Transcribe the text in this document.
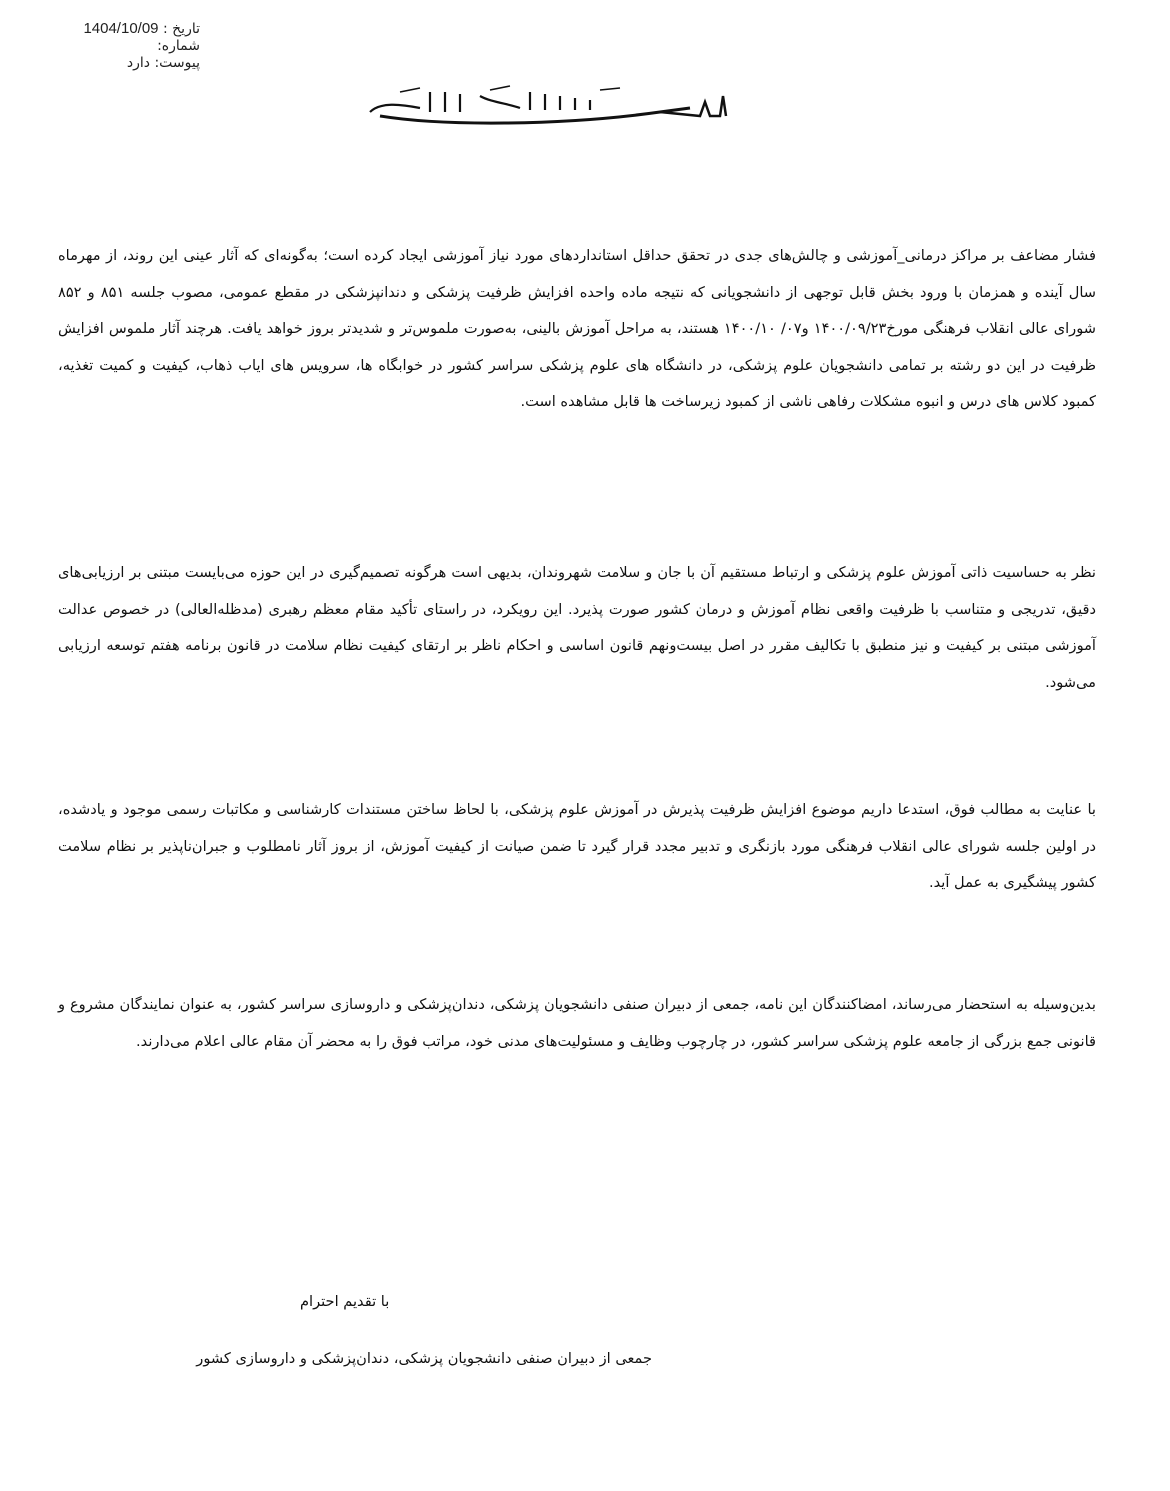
تاریخ : 1404/10/09
شماره:
پیوست: دارد
بسم الله الرحمن الرحیم
فشار مضاعف بر مراکز درمانی_آموزشی و چالش‌های جدی در تحقق حداقل استانداردهای مورد نیاز آموزشی ایجاد کرده است؛ به‌گونه‌ای که آثار عینی این روند، از مهرماه سال آینده و همزمان با ورود بخش قابل توجهی از دانشجویانی که نتیجه ماده واحده افزایش ظرفیت پزشکی و دندانپزشکی در مقطع عمومی، مصوب جلسه ۸۵۱ و ۸۵۲ شورای عالی انقلاب فرهنگی مورخ۱۴۰۰/۰۹/۲۳ و۰۷/ ۱۴۰۰/۱۰ هستند، به مراحل آموزش بالینی، به‌صورت ملموس‌تر و شدیدتر بروز خواهد یافت. هرچند آثار ملموس افزایش ظرفیت در این دو رشته بر تمامی دانشجویان علوم پزشکی، در دانشگاه های علوم پزشکی سراسر کشور در خوابگاه ها، سرویس های ایاب ذهاب، کیفیت و کمیت تغذیه، کمبود کلاس های درس و انبوه مشکلات رفاهی ناشی از کمبود زیرساخت ها قابل مشاهده است.
نظر به حساسیت ذاتی آموزش علوم پزشکی و ارتباط مستقیم آن با جان و سلامت شهروندان، بدیهی است هرگونه تصمیم‌گیری در این حوزه می‌بایست مبتنی بر ارزیابی‌های دقیق، تدریجی و متناسب با ظرفیت واقعی نظام آموزش و درمان کشور صورت پذیرد. این رویکرد، در راستای تأکید مقام معظم رهبری (مدظله‌العالی) در خصوص عدالت آموزشی مبتنی بر کیفیت و نیز منطبق با تکالیف مقرر در اصل بیست‌ونهم قانون اساسی و احکام ناظر بر ارتقای کیفیت نظام سلامت در قانون برنامه هفتم توسعه ارزیابی می‌شود.
با عنایت به مطالب فوق، استدعا داریم موضوع افزایش ظرفیت پذیرش در آموزش علوم پزشکی، با لحاظ ساختن مستندات کارشناسی و مکاتبات رسمی موجود و یادشده، در اولین جلسه شورای عالی انقلاب فرهنگی مورد بازنگری و تدبیر مجدد قرار گیرد تا ضمن صیانت از کیفیت آموزش، از بروز آثار نامطلوب و جبران‌ناپذیر بر نظام سلامت کشور پیشگیری به عمل آید.
بدین‌وسیله به استحضار می‌رساند، امضاکنندگان این نامه، جمعی از دبیران صنفی دانشجویان پزشکی، دندان‌پزشکی و داروسازی سراسر کشور، به عنوان نمایندگان مشروع و قانونی جمع بزرگی از جامعه علوم پزشکی سراسر کشور، در چارچوب وظایف و مسئولیت‌های مدنی خود، مراتب فوق را به محضر آن مقام عالی اعلام می‌دارند.
با تقدیم احترام
جمعی از دبیران صنفی دانشجویان پزشکی، دندان‌پزشکی و داروسازی کشور
